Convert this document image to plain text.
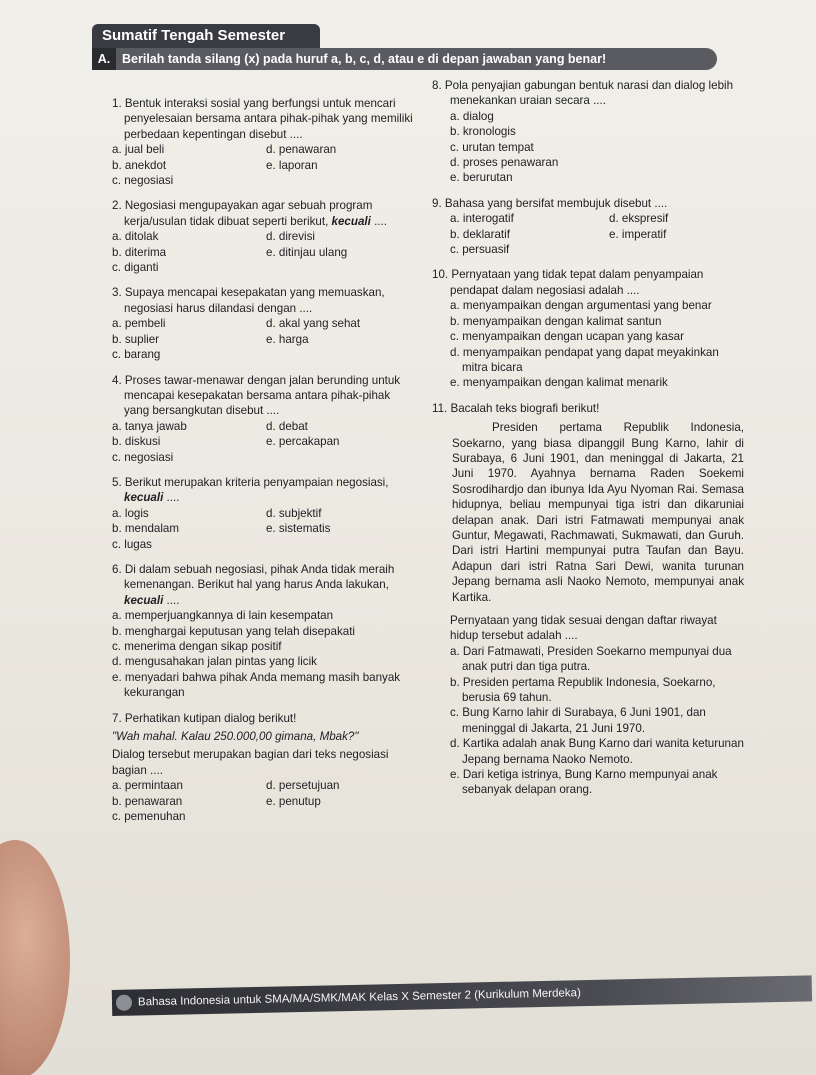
Sumatif Tengah Semester
A. Berilah tanda silang (x) pada huruf a, b, c, d, atau e di depan jawaban yang benar!
1. Bentuk interaksi sosial yang berfungsi untuk mencari penyelesaian bersama antara pihak-pihak yang memiliki perbedaan kepentingan disebut ....
a. jual beli	d. penawaran
b. anekdot	e. laporan
c. negosiasi
2. Negosiasi mengupayakan agar sebuah program kerja/usulan tidak dibuat seperti berikut, kecuali ....
a. ditolak	d. direvisi
b. diterima	e. ditinjau ulang
c. diganti
3. Supaya mencapai kesepakatan yang memuaskan, negosiasi harus dilandasi dengan ....
a. pembeli	d. akal yang sehat
b. suplier	e. harga
c. barang
4. Proses tawar-menawar dengan jalan berunding untuk mencapai kesepakatan bersama antara pihak-pihak yang bersangkutan disebut ....
a. tanya jawab	d. debat
b. diskusi	e. percakapan
c. negosiasi
5. Berikut merupakan kriteria penyampaian negosiasi, kecuali ....
a. logis	d. subjektif
b. mendalam	e. sistematis
c. lugas
6. Di dalam sebuah negosiasi, pihak Anda tidak meraih kemenangan. Berikut hal yang harus Anda lakukan, kecuali ....
a. memperjuangkannya di lain kesempatan
b. menghargai keputusan yang telah disepakati
c. menerima dengan sikap positif
d. mengusahakan jalan pintas yang licik
e. menyadari bahwa pihak Anda memang masih banyak kekurangan
7. Perhatikan kutipan dialog berikut!
"Wah mahal. Kalau 250.000,00 gimana, Mbak?"
Dialog tersebut merupakan bagian dari teks negosiasi bagian ....
a. permintaan	d. persetujuan
b. penawaran	e. penutup
c. pemenuhan
8. Pola penyajian gabungan bentuk narasi dan dialog lebih menekankan uraian secara ....
a. dialog
b. kronologis
c. urutan tempat
d. proses penawaran
e. berurutan
9. Bahasa yang bersifat membujuk disebut ....
a. interogatif	d. ekspresif
b. deklaratif	e. imperatif
c. persuasif
10. Pernyataan yang tidak tepat dalam penyampaian pendapat dalam negosiasi adalah ....
a. menyampaikan dengan argumentasi yang benar
b. menyampaikan dengan kalimat santun
c. menyampaikan dengan ucapan yang kasar
d. menyampaikan pendapat yang dapat meyakinkan mitra bicara
e. menyampaikan dengan kalimat menarik
11. Bacalah teks biografi berikut!
Presiden pertama Republik Indonesia, Soekarno, yang biasa dipanggil Bung Karno, lahir di Surabaya, 6 Juni 1901, dan meninggal di Jakarta, 21 Juni 1970. Ayahnya bernama Raden Soekemi Sosrodihardjo dan ibunya Ida Ayu Nyoman Rai. Semasa hidupnya, beliau mempunyai tiga istri dan dikaruniai delapan anak. Dari istri Fatmawati mempunyai anak Guntur, Megawati, Rachmawati, Sukmawati, dan Guruh. Dari istri Hartini mempunyai putra Taufan dan Bayu. Adapun dari istri Ratna Sari Dewi, wanita turunan Jepang bernama asli Naoko Nemoto, mempunyai anak Kartika.
Pernyataan yang tidak sesuai dengan daftar riwayat hidup tersebut adalah ....
a. Dari Fatmawati, Presiden Soekarno mempunyai dua anak putri dan tiga putra.
b. Presiden pertama Republik Indonesia, Soekarno, berusia 69 tahun.
c. Bung Karno lahir di Surabaya, 6 Juni 1901, dan meninggal di Jakarta, 21 Juni 1970.
d. Kartika adalah anak Bung Karno dari wanita keturunan Jepang bernama Naoko Nemoto.
e. Dari ketiga istrinya, Bung Karno mempunyai anak sebanyak delapan orang.
Bahasa Indonesia untuk SMA/MA/SMK/MAK Kelas X Semester 2 (Kurikulum Merdeka)
